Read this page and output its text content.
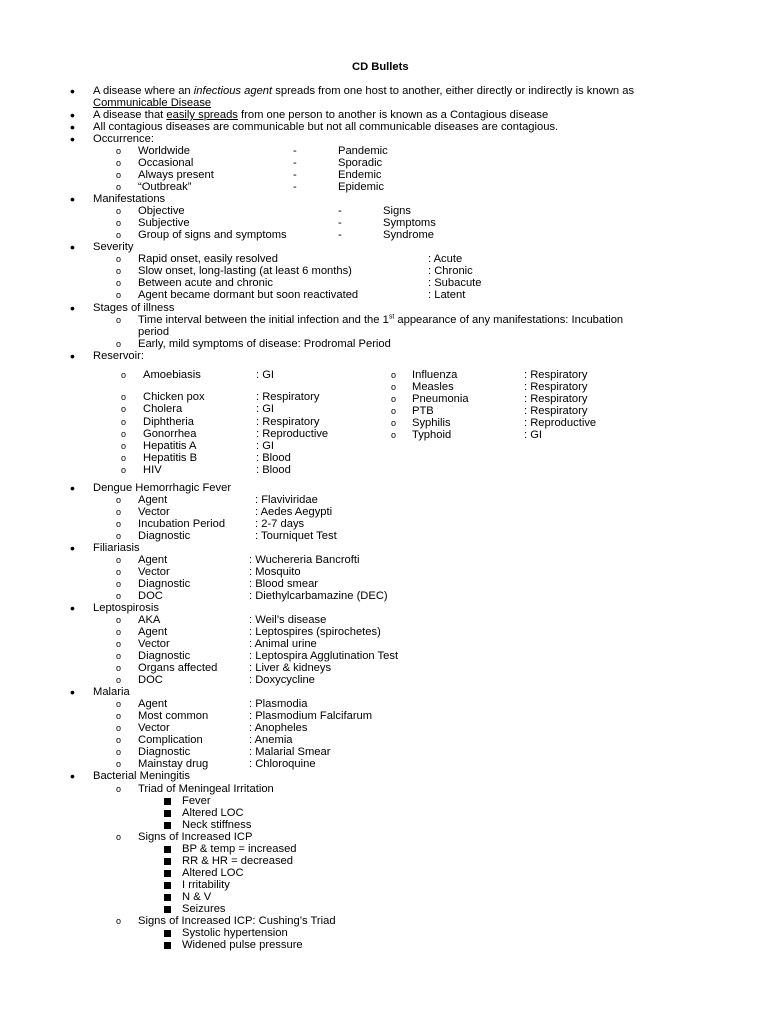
CD Bullets
• A disease where an infectious agent spreads from one host to another, either directly or indirectly is known as
Communicable Disease
• A disease that easily spreads from one person to another is known as a Contagious disease
• All contagious diseases are communicable but not all communicable diseases are contagious.
• Occurrence:
o Worldwide	-	Pandemic
o Occasional	-	Sporadic
o Always present	-	Endemic
o “Outbreak”	-	Epidemic
• Manifestations
o Objective	-	Signs
o Subjective	-	Symptoms
o Group of signs and symptoms	-	Syndrome
• Severity
o Rapid onset, easily resolved	: Acute
o Slow onset, long-lasting (at least 6 months)	: Chronic
o Between acute and chronic	: Subacute
o Agent became dormant but soon reactivated	: Latent
• Stages of illness
o Time interval between the initial infection and the 1st appearance of any manifestations: Incubation
period
o Early, mild symptoms of disease: Prodromal Period
• Reservoir:
o Amoebiasis	: GI
o Chicken pox	: Respiratory
o Cholera	: GI
o Diphtheria	: Respiratory
o Gonorrhea	: Reproductive
o Hepatitis A	: GI
o Hepatitis B	: Blood
o HIV	: Blood
o Influenza	: Respiratory
o Measles	: Respiratory
o Pneumonia	: Respiratory
o PTB	: Respiratory
o Syphilis	: Reproductive
o Typhoid	: GI
• Dengue Hemorrhagic Fever
o Agent	: Flaviviridae
o Vector	: Aedes Aegypti
o Incubation Period	: 2-7 days
o Diagnostic	: Tourniquet Test
• Filiariasis
o Agent	: Wuchereria Bancrofti
o Vector	: Mosquito
o Diagnostic	: Blood smear
o DOC	: Diethylcarbamazine (DEC)
• Leptospirosis
o AKA	: Weil’s disease
o Agent	: Leptospires (spirochetes)
o Vector	: Animal urine
o Diagnostic	: Leptospira Agglutination Test
o Organs affected	: Liver & kidneys
o DOC	: Doxycycline
• Malaria
o Agent	: Plasmodia
o Most common	: Plasmodium Falcifarum
o Vector	: Anopheles
o Complication	: Anemia
o Diagnostic	: Malarial Smear
o Mainstay drug	: Chloroquine
• Bacterial Meningitis
o Triad of Meningeal Irritation
Fever
Altered LOC
Neck stiffness
o Signs of Increased ICP
BP & temp = increased
RR & HR = decreased
Altered LOC
I rritability
N & V
Seizures
o Signs of Increased ICP: Cushing’s Triad
Systolic hypertension
Widened pulse pressure
